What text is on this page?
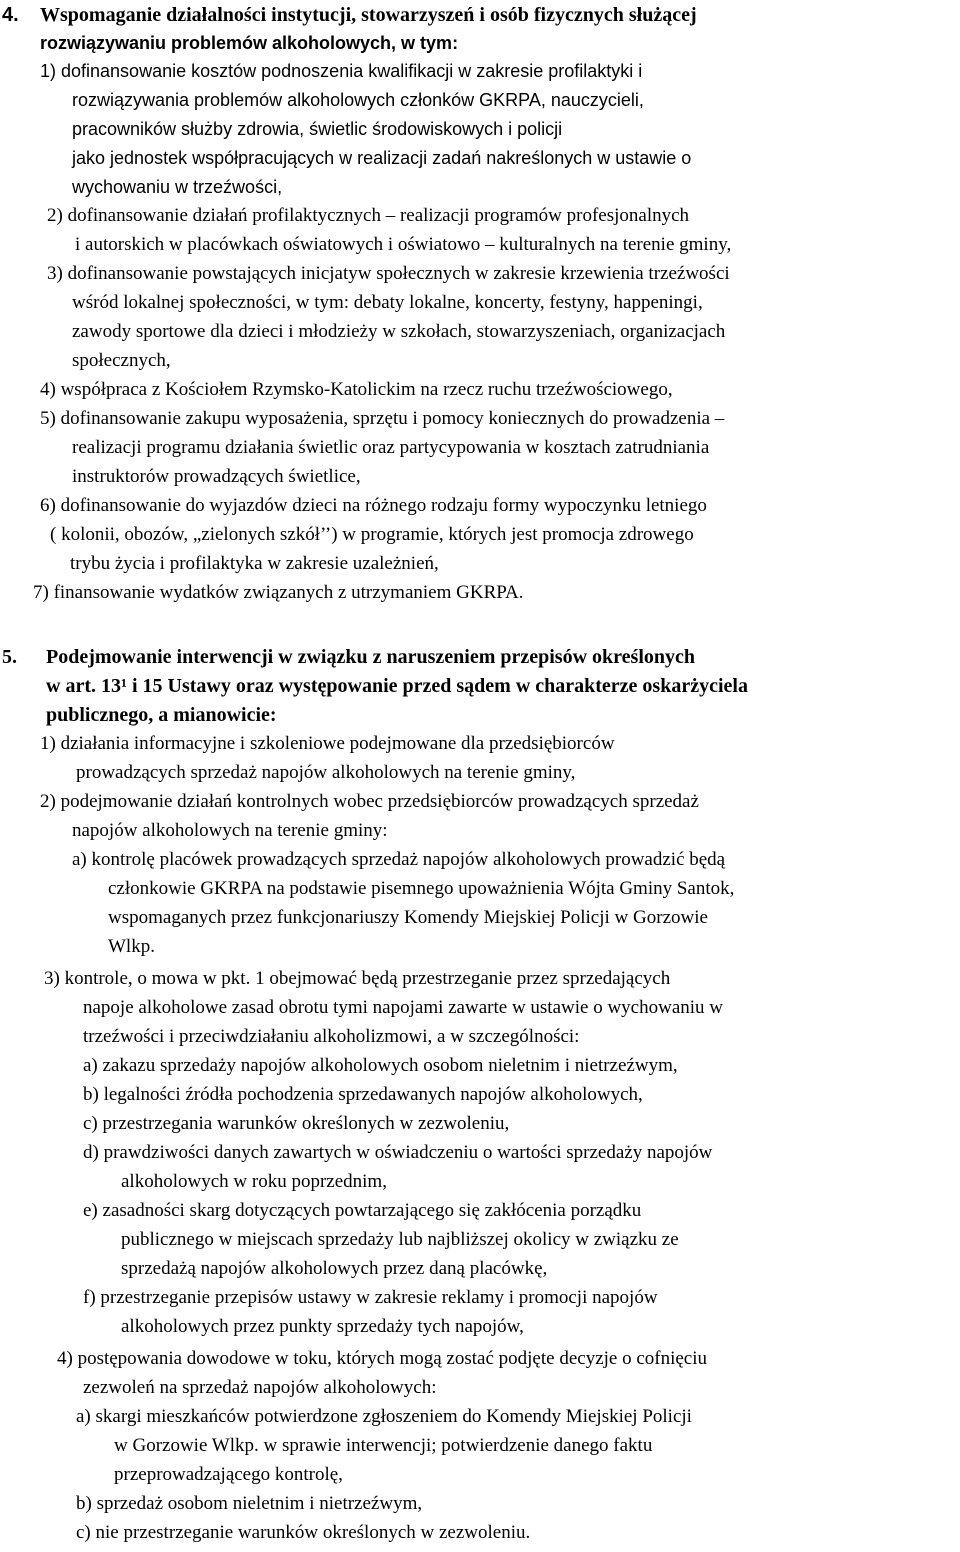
4. Wspomaganie działalności instytucji, stowarzyszeń i osób fizycznych służącej
rozwiązywaniu problemów alkoholowych, w tym:
1) dofinansowanie kosztów podnoszenia kwalifikacji w zakresie profilaktyki i
rozwiązywania problemów alkoholowych członków GKRPA, nauczycieli,
pracowników służby zdrowia, świetlic środowiskowych i policji
jako jednostek współpracujących w realizacji zadań nakreślonych w ustawie o
wychowaniu w trzeźwości,
2) dofinansowanie działań profilaktycznych – realizacji programów profesjonalnych
i autorskich w placówkach oświatowych i oświatowo – kulturalnych na terenie gminy,
3) dofinansowanie powstających inicjatyw społecznych w zakresie krzewienia trzeźwości
wśród lokalnej społeczności, w tym: debaty lokalne, koncerty, festyny, happeningi,
zawody sportowe dla dzieci i młodzieży w szkołach, stowarzyszeniach, organizacjach
społecznych,
4) współpraca z Kościołem Rzymsko-Katolickim na rzecz ruchu trzeźwościowego,
5) dofinansowanie zakupu wyposażenia, sprzętu i pomocy koniecznych do prowadzenia –
realizacji programu działania świetlic oraz partycypowania w kosztach zatrudniania
instruktorów prowadzących świetlice,
6) dofinansowanie do wyjazdów dzieci na różnego rodzaju formy wypoczynku letniego
( kolonii, obozów, „zielonych szkół’’) w programie, których jest promocja zdrowego
trybu życia i profilaktyka w zakresie uzależnień,
7) finansowanie wydatków związanych z utrzymaniem GKRPA.
5. Podejmowanie interwencji w związku z naruszeniem przepisów określonych
w art. 13¹ i 15 Ustawy oraz występowanie przed sądem w charakterze oskarżyciela
publicznego, a mianowicie:
1) działania informacyjne i szkoleniowe podejmowane dla przedsiębiorców
prowadzących sprzedaż napojów alkoholowych na terenie gminy,
2) podejmowanie działań kontrolnych wobec przedsiębiorców prowadzących sprzedaż
napojów alkoholowych na terenie gminy:
a) kontrolę placówek prowadzących sprzedaż napojów alkoholowych prowadzić będą
członkowie GKRPA na podstawie pisemnego upoważnienia Wójta Gminy Santok,
wspomaganych przez funkcjonariuszy Komendy Miejskiej Policji w Gorzowie
Wlkp.
3) kontrole, o mowa w pkt. 1 obejmować będą przestrzeganie przez sprzedających
napoje alkoholowe zasad obrotu tymi napojami zawarte w ustawie o wychowaniu w
trzeźwości i przeciwdziałaniu alkoholizmowi, a w szczególności:
a) zakazu sprzedaży napojów alkoholowych osobom nieletnim i nietrzeźwym,
b) legalności źródła pochodzenia sprzedawanych napojów alkoholowych,
c) przestrzegania warunków określonych w zezwoleniu,
d) prawdziwości danych zawartych w oświadczeniu o wartości sprzedaży napojów
alkoholowych w roku poprzednim,
e) zasadności skarg dotyczących powtarzającego się zakłócenia porządku
publicznego w miejscach sprzedaży lub najbliższej okolicy w związku ze
sprzedażą napojów alkoholowych przez daną placówkę,
f) przestrzeganie przepisów ustawy w zakresie reklamy i promocji napojów
alkoholowych przez punkty sprzedaży tych napojów,
4) postępowania dowodowe w toku, których mogą zostać podjęte decyzje o cofnięciu
zezwoleń na sprzedaż napojów alkoholowych:
a) skargi mieszkańców potwierdzone zgłoszeniem do Komendy Miejskiej Policji
w Gorzowie Wlkp. w sprawie interwencji; potwierdzenie danego faktu
przeprowadzającego kontrolę,
b) sprzedaż osobom nieletnim i nietrzeźwym,
c) nie przestrzeganie warunków określonych w zezwoleniu.
